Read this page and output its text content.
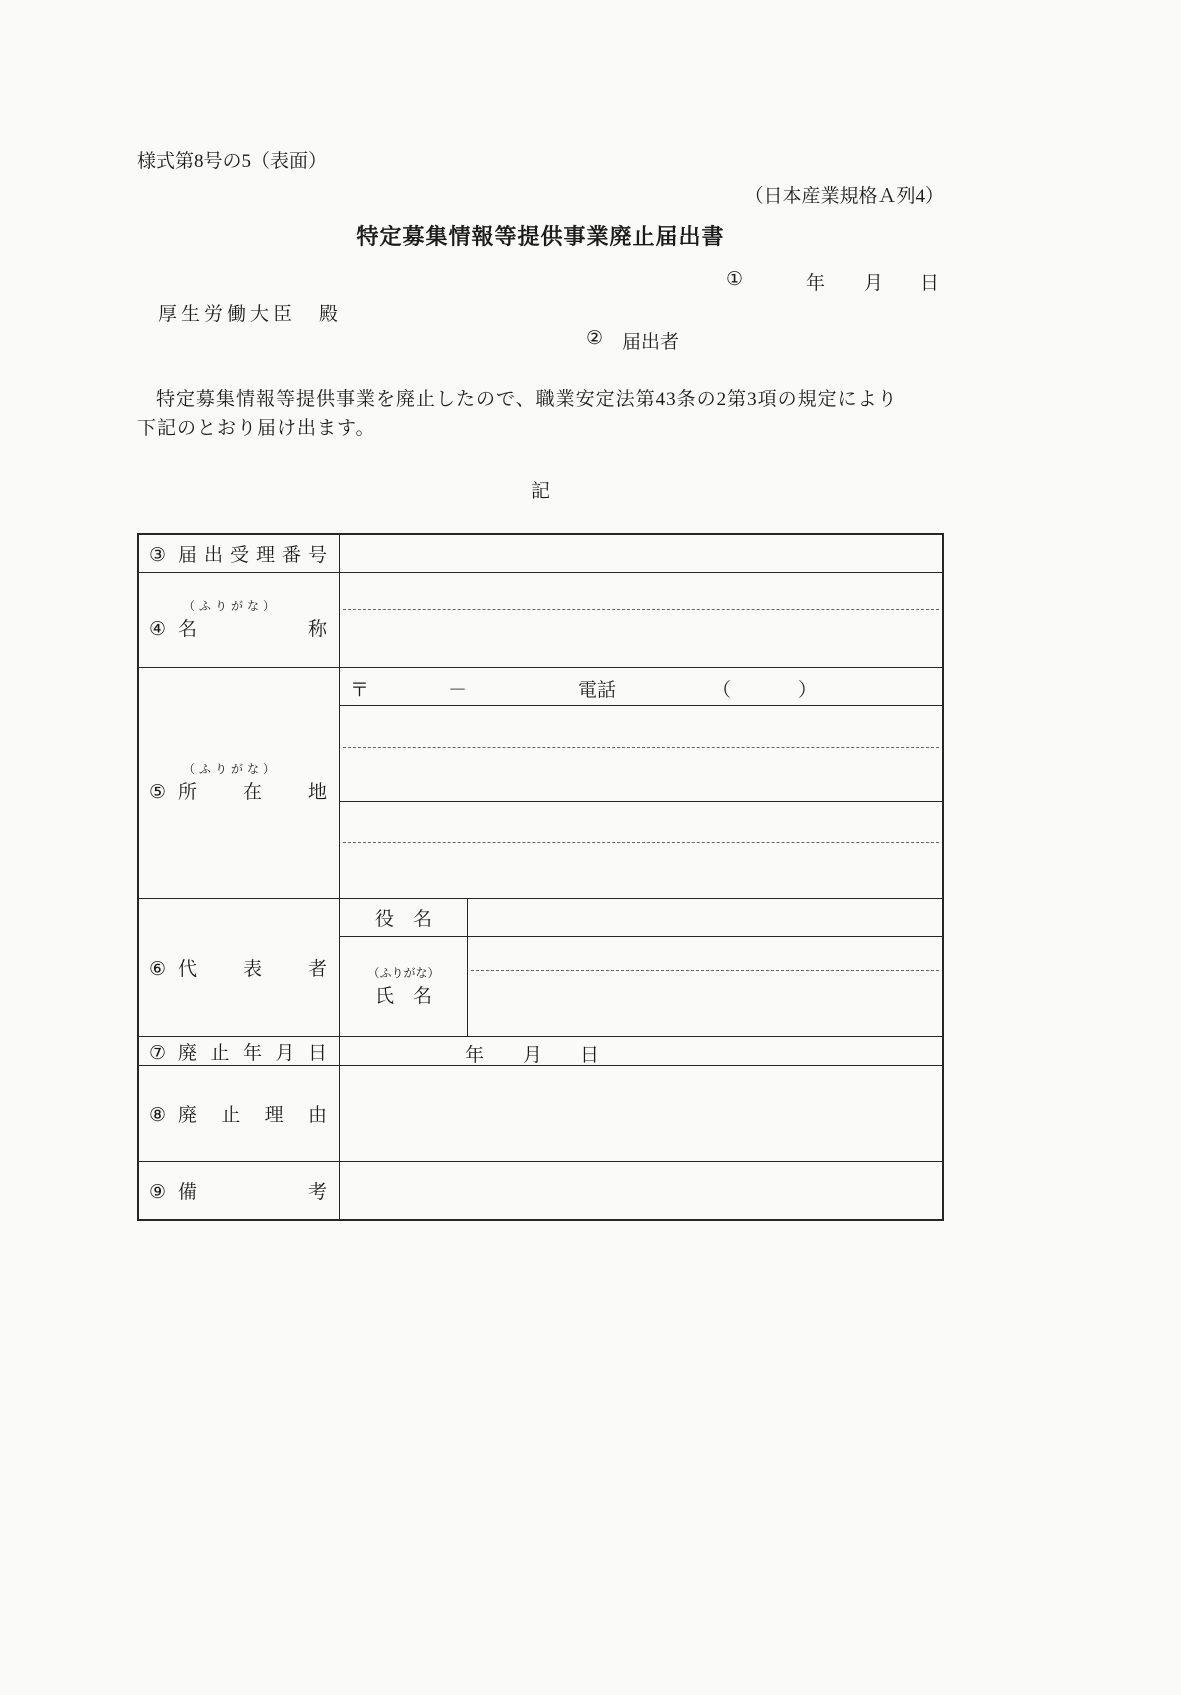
様式第8号の5（表面）
（日本産業規格Ａ列4）
特定募集情報等提供事業廃止届出書
①	年 月 日
厚生労働大臣　殿
② 届出者
特定募集情報等提供事業を廃止したので、職業安定法第43条の2第3項の規定により
下記のとおり届け出ます。
記
③ 届出受理番号
（ふりがな）
④ 名称
（ふりがな）
⑤ 所在地
〒	－	電話	（	）
⑥ 代表者
役　名
（ふりがな）
氏　名
⑦ 廃止年月日	年 月 日
⑧ 廃止理由
⑨ 備考
